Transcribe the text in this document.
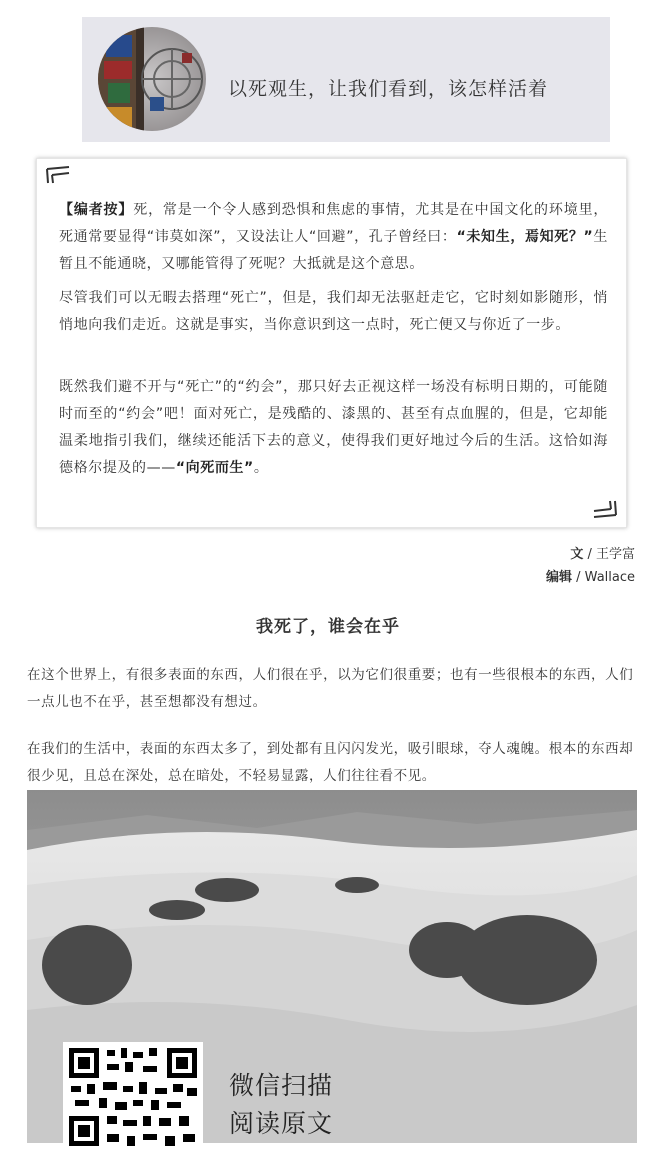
以死观生，让我们看到，该怎样活着

【编者按】死，常是一个令人感到恐惧和焦虑的事情，尤其是在中国文化的环境里，死通常要显得“讳莫如深”，又设法让人“回避”，孔子曾经曰：“未知生，焉知死？”生暂且不能通晓，又哪能管得了死呢？大抵就是这个意思。

尽管我们可以无暇去搭理“死亡”，但是，我们却无法驱赶走它，它时刻如影随形，悄悄地向我们走近。这就是事实，当你意识到这一点时，死亡便又与你近了一步。

既然我们避不开与“死亡”的“约会”，那只好去正视这样一场没有标明日期的，可能随时而至的“约会”吧！面对死亡，是残酷的、漆黑的、甚至有点血腥的，但是，它却能温柔地指引我们，继续还能活下去的意义，使得我们更好地过今后的生活。这恰如海德格尔提及的——“向死而生”。

文 / 王学富
编辑 / Wallace
我死了，谁会在乎

在这个世界上，有很多表面的东西，人们很在乎，以为它们很重要；也有一些很根本的东西，人们一点儿也不在乎，甚至想都没有想过。

在我们的生活中，表面的东西太多了，到处都有且闪闪发光，吸引眼球，夺人魂魄。根本的东西却很少见，且总在深处，总在暗处，不轻易显露，人们往往看不见。

微信扫描
阅读原文
